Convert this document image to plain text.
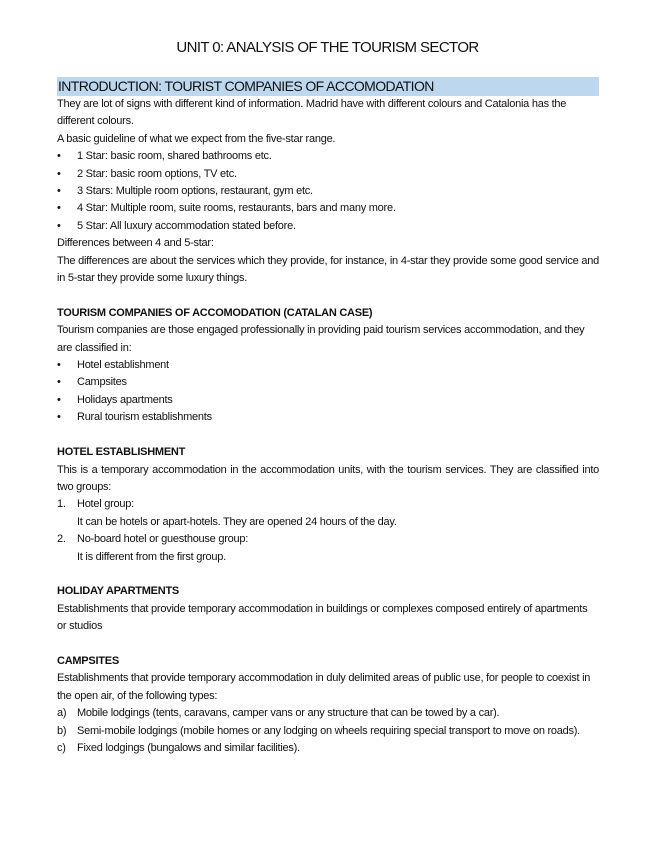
UNIT 0: ANALYSIS OF THE TOURISM SECTOR
INTRODUCTION: TOURIST COMPANIES OF ACCOMODATION

They are lot of signs with different kind of information. Madrid have with different colours and Catalonia has the different colours.

A basic guideline of what we expect from the five-star range.

• 1 Star: basic room, shared bathrooms etc.
• 2 Star: basic room options, TV etc.
• 3 Stars: Multiple room options, restaurant, gym etc.
• 4 Star: Multiple room, suite rooms, restaurants, bars and many more.
• 5 Star: All luxury accommodation stated before.

Differences between 4 and 5-star:

The differences are about the services which they provide, for instance, in 4-star they provide some good service and in 5-star they provide some luxury things.

TOURISM COMPANIES OF ACCOMODATION (CATALAN CASE)

Tourism companies are those engaged professionally in providing paid tourism services accommodation, and they are classified in:

• Hotel establishment
• Campsites
• Holidays apartments
• Rural tourism establishments

HOTEL ESTABLISHMENT

This is a temporary accommodation in the accommodation units, with the tourism services. They are classified into two groups:

1. Hotel group:

It can be hotels or apart-hotels. They are opened 24 hours of the day.

2. No-board hotel or guesthouse group:

It is different from the first group.

HOLIDAY APARTMENTS

Establishments that provide temporary accommodation in buildings or complexes composed entirely of apartments or studios

CAMPSITES

Establishments that provide temporary accommodation in duly delimited areas of public use, for people to coexist in the open air, of the following types:

a) Mobile lodgings (tents, caravans, camper vans or any structure that can be towed by a car).
b) Semi-mobile lodgings (mobile homes or any lodging on wheels requiring special transport to move on roads).
c) Fixed lodgings (bungalows and similar facilities).
